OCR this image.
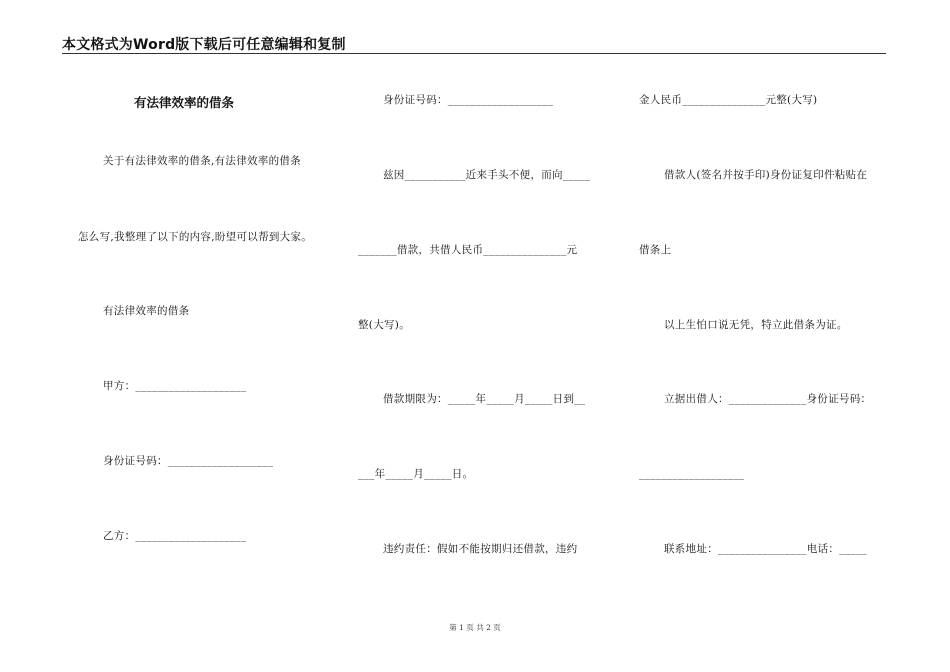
本文格式为Word版下载后可任意编辑和复制
有法律效率的借条
关于有法律效率的借条,有法律效率的借条
怎么写,我整理了以下的内容,盼望可以帮到大家。
有法律效率的借条
甲方：____________________
身份证号码：___________________
乙方：____________________
身份证号码：___________________
兹因___________近来手头不便，而向_____
_______借款，共借人民币_______________元
整(大写)。
借款期限为：_____年_____月_____日到__
___年_____月_____日。
违约责任：假如不能按期归还借款，违约
金人民币_______________元整(大写)
借款人(签名并按手印)身份证复印件粘贴在
借条上
以上生怕口说无凭，特立此借条为证。
立据出借人：______________身份证号码：
___________________
联系地址：________________电话：_____
第 1 页 共 2 页
